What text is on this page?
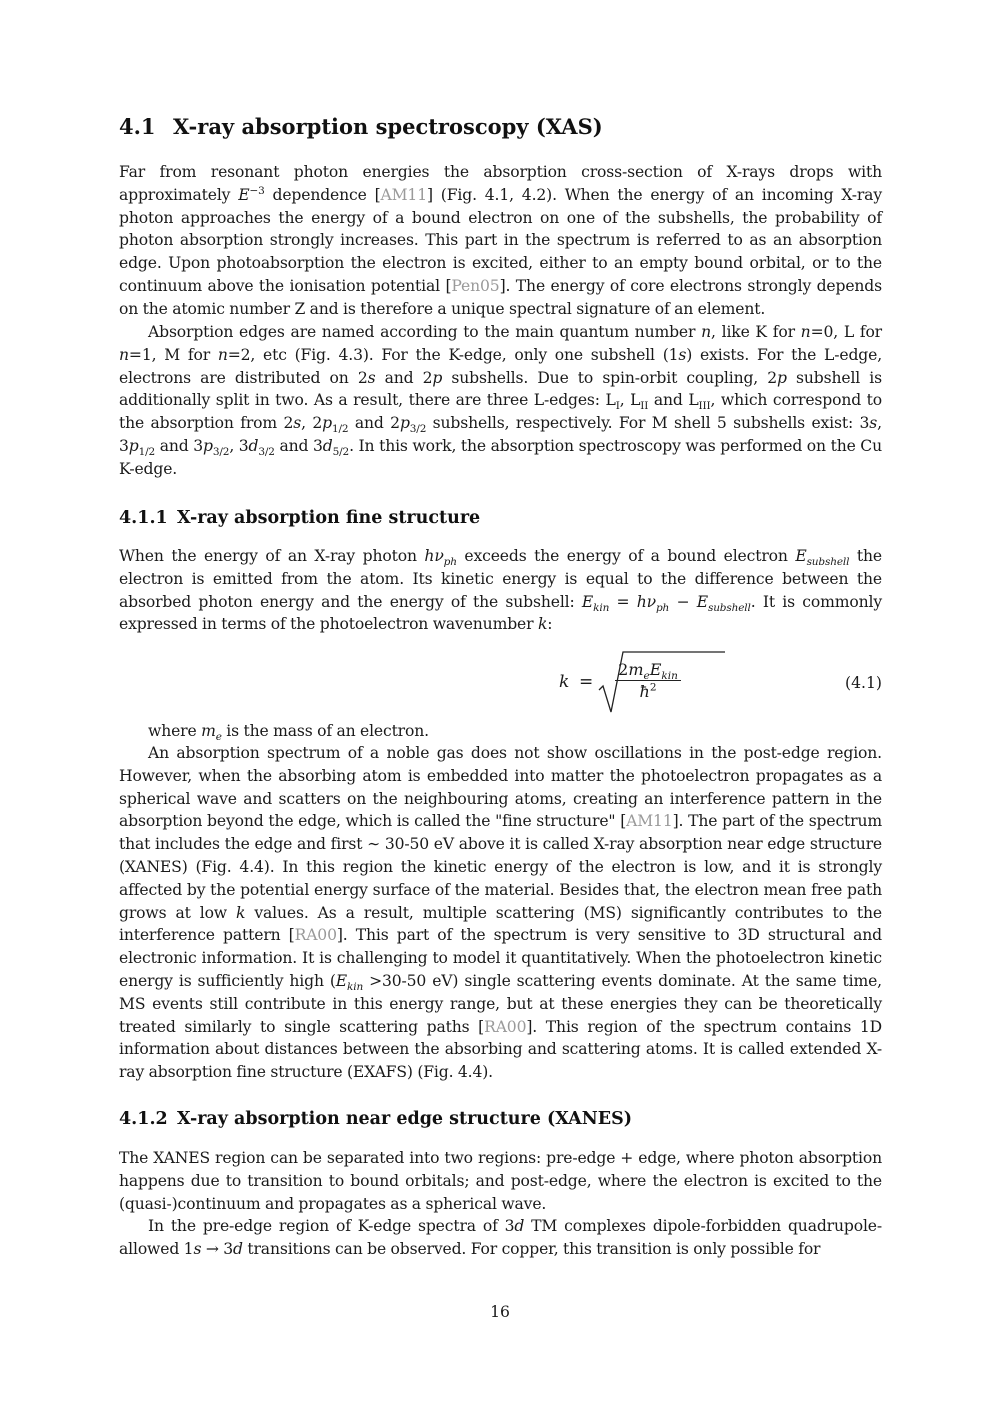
4.1 X-ray absorption spectroscopy (XAS)

Far from resonant photon energies the absorption cross-section of X-rays drops with approximately $E^{-3}$ dependence [AM11] (Fig. 4.1, 4.2). When the energy of an incoming X-ray photon approaches the energy of a bound electron on one of the subshells, the probability of photon absorption strongly increases. This part in the spectrum is referred to as an absorption edge. Upon photoabsorption the electron is excited, either to an empty bound orbital, or to the continuum above the ionisation potential [Pen05]. The energy of core electrons strongly depends on the atomic number Z and is therefore a unique spectral signature of an element.

Absorption edges are named according to the main quantum number n, like K for n=0, L for n=1, M for n=2, etc (Fig. 4.3). For the K-edge, only one subshell (1s) exists. For the L-edge, electrons are distributed on 2s and 2p subshells. Due to spin-orbit coupling, 2p subshell is additionally split in two. As a result, there are three L-edges: $L_I$, $L_{II}$ and $L_{III}$, which correspond to the absorption from 2s, $2p_{1/2}$ and $2p_{3/2}$ subshells, respectively. For M shell 5 subshells exist: 3s, $3p_{1/2}$ and $3p_{3/2}$, $3d_{3/2}$ and $3d_{5/2}$. In this work, the absorption spectroscopy was performed on the Cu K-edge.

4.1.1 X-ray absorption fine structure

When the energy of an X-ray photon $h\nu_{ph}$ exceeds the energy of a bound electron $E_{subshell}$ the electron is emitted from the atom. Its kinetic energy is equal to the difference between the absorbed photon energy and the energy of the subshell: $E_{kin} = h\nu_{ph} - E_{subshell}$. It is commonly expressed in terms of the photoelectron wavenumber k:

k =
$2m_eE_{kin}$
$ħ^2$	(4.1)

where $m_e$ is the mass of an electron.

An absorption spectrum of a noble gas does not show oscillations in the post-edge region. However, when the absorbing atom is embedded into matter the photoelectron propagates as a spherical wave and scatters on the neighbouring atoms, creating an interference pattern in the absorption beyond the edge, which is called the "fine structure" [AM11]. The part of the spectrum that includes the edge and first ∼ 30-50 eV above it is called X-ray absorption near edge structure (XANES) (Fig. 4.4). In this region the kinetic energy of the electron is low, and it is strongly affected by the potential energy surface of the material. Besides that, the electron mean free path grows at low k values. As a result, multiple scattering (MS) significantly contributes to the interference pattern [RA00]. This part of the spectrum is very sensitive to 3D structural and electronic information. It is challenging to model it quantitatively. When the photoelectron kinetic energy is sufficiently high ($E_{kin} >30-50$ eV) single scattering events dominate. At the same time, MS events still contribute in this energy range, but at these energies they can be theoretically treated similarly to single scattering paths [RA00]. This region of the spectrum contains 1D information about distances between the absorbing and scattering atoms. It is called extended X-ray absorption fine structure (EXAFS) (Fig. 4.4).

4.1.2 X-ray absorption near edge structure (XANES)

The XANES region can be separated into two regions: pre-edge + edge, where photon absorption happens due to transition to bound orbitals; and post-edge, where the electron is excited to the (quasi-)continuum and propagates as a spherical wave.

In the pre-edge region of K-edge spectra of 3d TM complexes dipole-forbidden quadrupole-allowed 1s → 3d transitions can be observed. For copper, this transition is only possible for

16
